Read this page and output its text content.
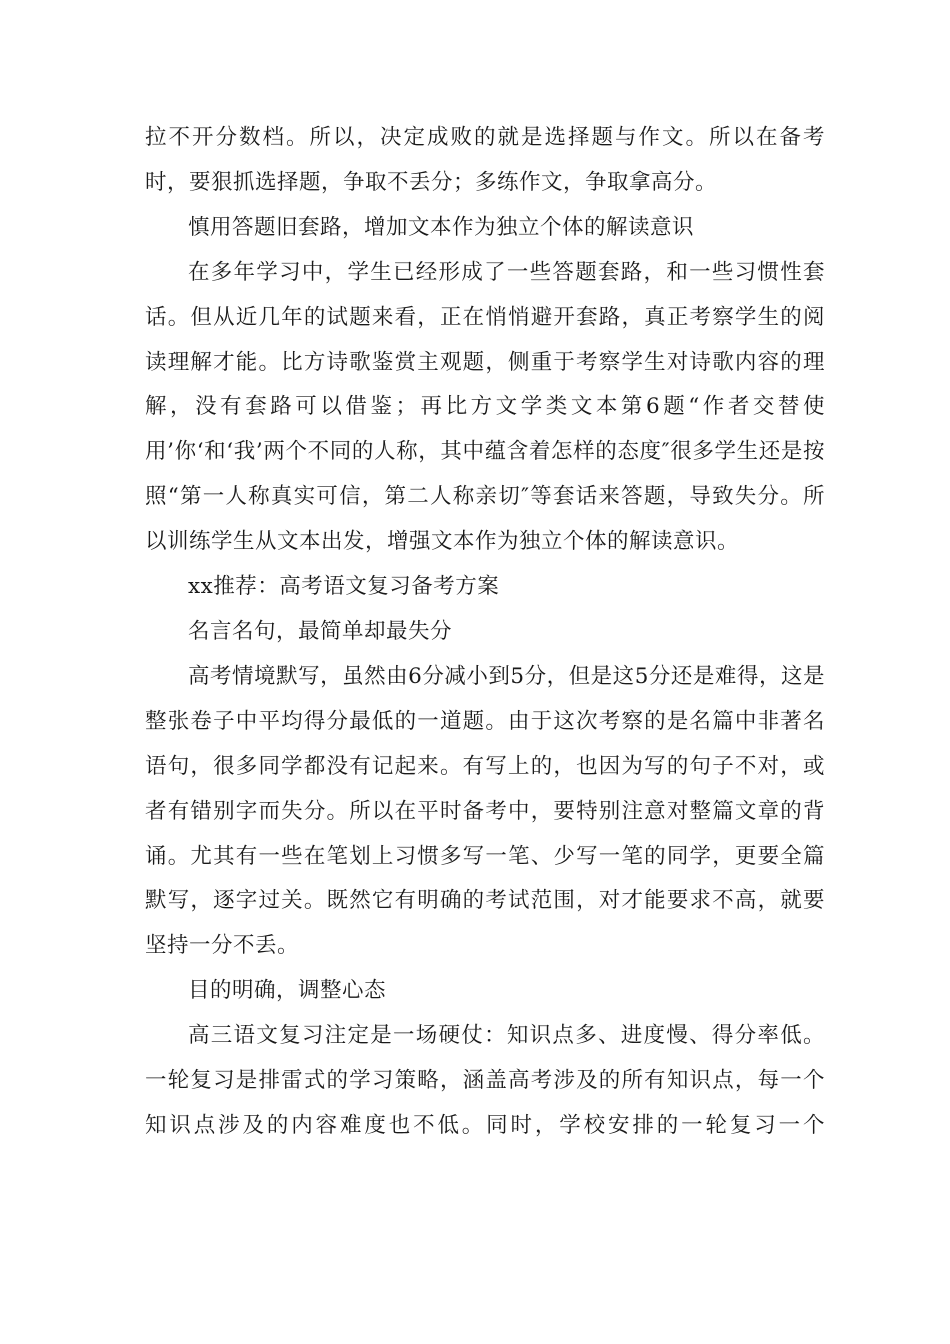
拉不开分数档。所以，决定成败的就是选择题与作文。所以在备考时，要狠抓选择题，争取不丢分；多练作文，争取拿高分。

慎用答题旧套路，增加文本作为独立个体的解读意识

在多年学习中，学生已经形成了一些答题套路，和一些习惯性套话。但从近几年的试题来看，正在悄悄避开套路，真正考察学生的阅读理解才能。比方诗歌鉴赏主观题，侧重于考察学生对诗歌内容的理解，没有套路可以借鉴；再比方文学类文本第6题“作者交替使用’你‘和‘我’两个不同的人称，其中蕴含着怎样的态度″很多学生还是按照“第一人称真实可信，第二人称亲切″等套话来答题，导致失分。所以训练学生从文本出发，增强文本作为独立个体的解读意识。

xx推荐：高考语文复习备考方案

名言名句，最简单却最失分

高考情境默写，虽然由6分减小到5分，但是这5分还是难得，这是整张卷子中平均得分最低的一道题。由于这次考察的是名篇中非著名语句，很多同学都没有记起来。有写上的，也因为写的句子不对，或者有错别字而失分。所以在平时备考中，要特别注意对整篇文章的背诵。尤其有一些在笔划上习惯多写一笔、少写一笔的同学，更要全篇默写，逐字过关。既然它有明确的考试范围，对才能要求不高，就要坚持一分不丢。

目的明确，调整心态

高三语文复习注定是一场硬仗：知识点多、进度慢、得分率低。一轮复习是排雷式的学习策略，涵盖高考涉及的所有知识点，每一个知识点涉及的内容难度也不低。同时，学校安排的一轮复习一个
